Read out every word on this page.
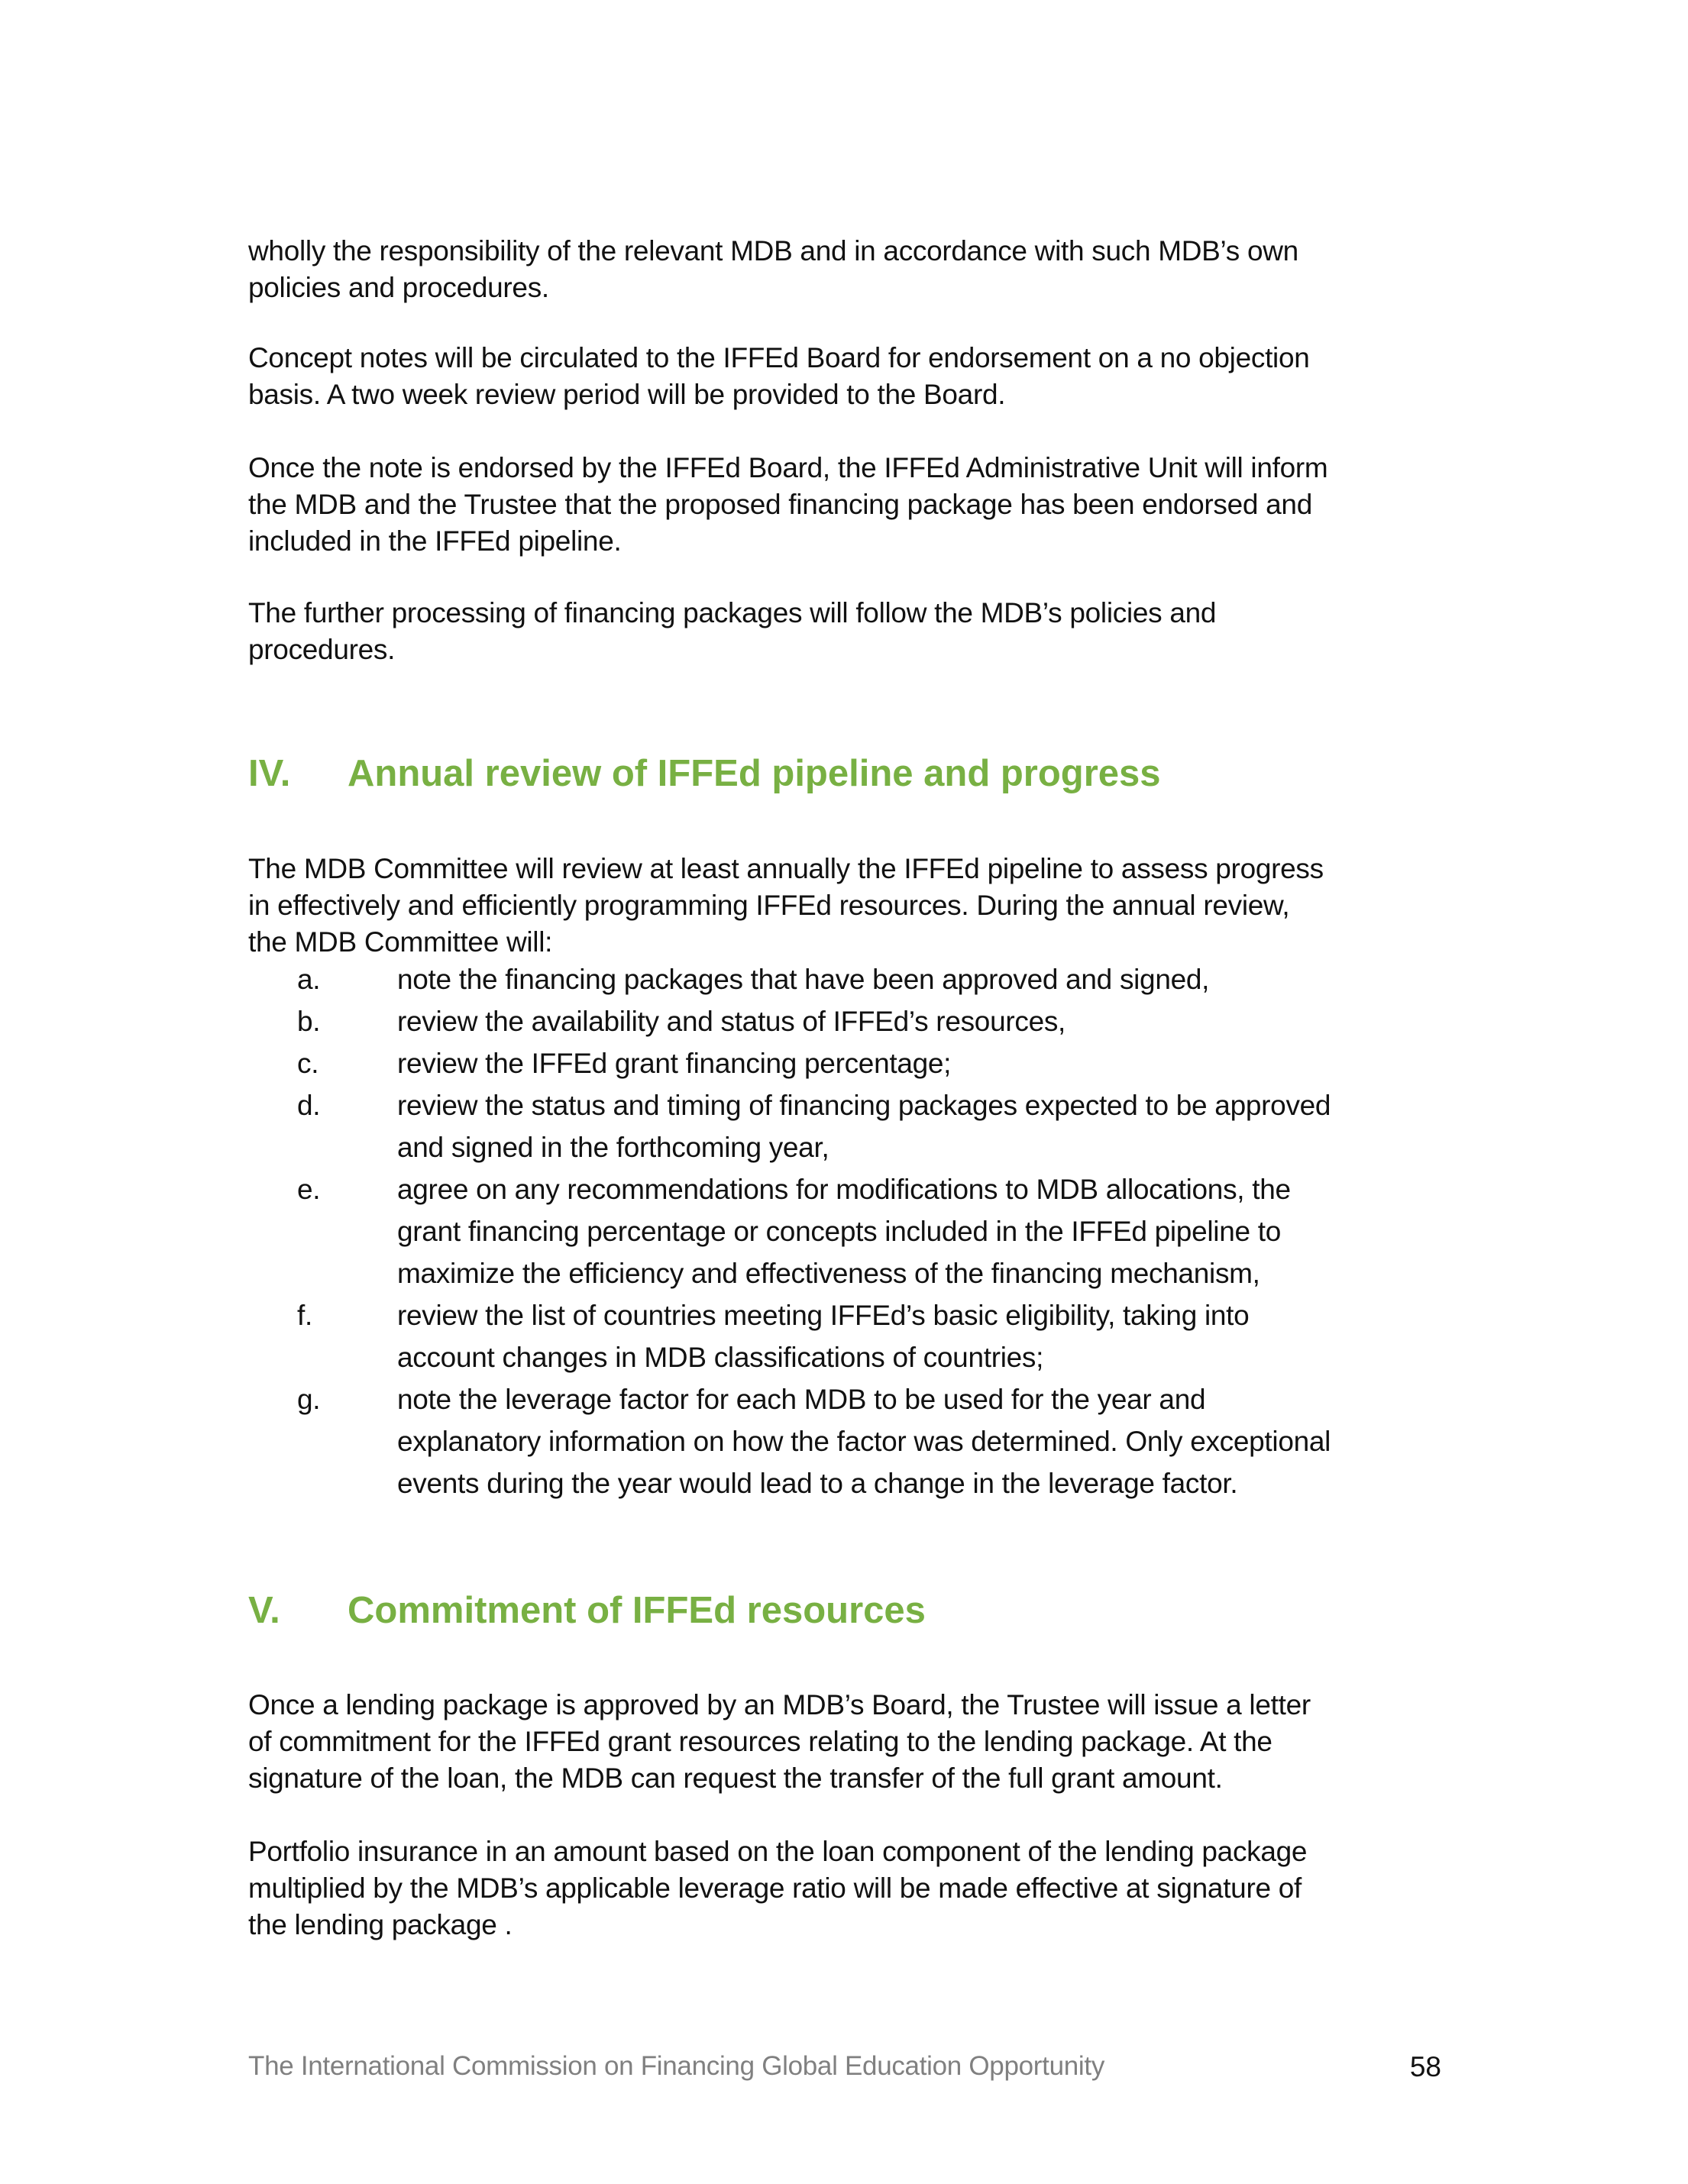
wholly the responsibility of the relevant MDB and in accordance with such MDB’s own
policies and procedures.
Concept notes will be circulated to the IFFEd Board for endorsement on a no objection
basis. A two week review period will be provided to the Board.
Once the note is endorsed by the IFFEd Board, the IFFEd Administrative Unit will inform
the MDB and the Trustee that the proposed financing package has been endorsed and
included in the IFFEd pipeline.
The further processing of financing packages will follow the MDB’s policies and
procedures.
IV. Annual review of IFFEd pipeline and progress
The MDB Committee will review at least annually the IFFEd pipeline to assess progress
in effectively and efficiently programming IFFEd resources. During the annual review,
the MDB Committee will:
a.	note the financing packages that have been approved and signed,
b.	review the availability and status of IFFEd’s resources,
c.	review the IFFEd grant financing percentage;
d.	review the status and timing of financing packages expected to be approved
and signed in the forthcoming year,
e.	agree on any recommendations for modifications to MDB allocations, the
grant financing percentage or concepts included in the IFFEd pipeline to
maximize the efficiency and effectiveness of the financing mechanism,
f.	review the list of countries meeting IFFEd’s basic eligibility, taking into
account changes in MDB classifications of countries;
g.	note the leverage factor for each MDB to be used for the year and
explanatory information on how the factor was determined. Only exceptional
events during the year would lead to a change in the leverage factor.
V. Commitment of IFFEd resources
Once a lending package is approved by an MDB’s Board, the Trustee will issue a letter
of commitment for the IFFEd grant resources relating to the lending package. At the
signature of the loan, the MDB can request the transfer of the full grant amount.
Portfolio insurance in an amount based on the loan component of the lending package
multiplied by the MDB’s applicable leverage ratio will be made effective at signature of
the lending package .
The International Commission on Financing Global Education Opportunity	58
